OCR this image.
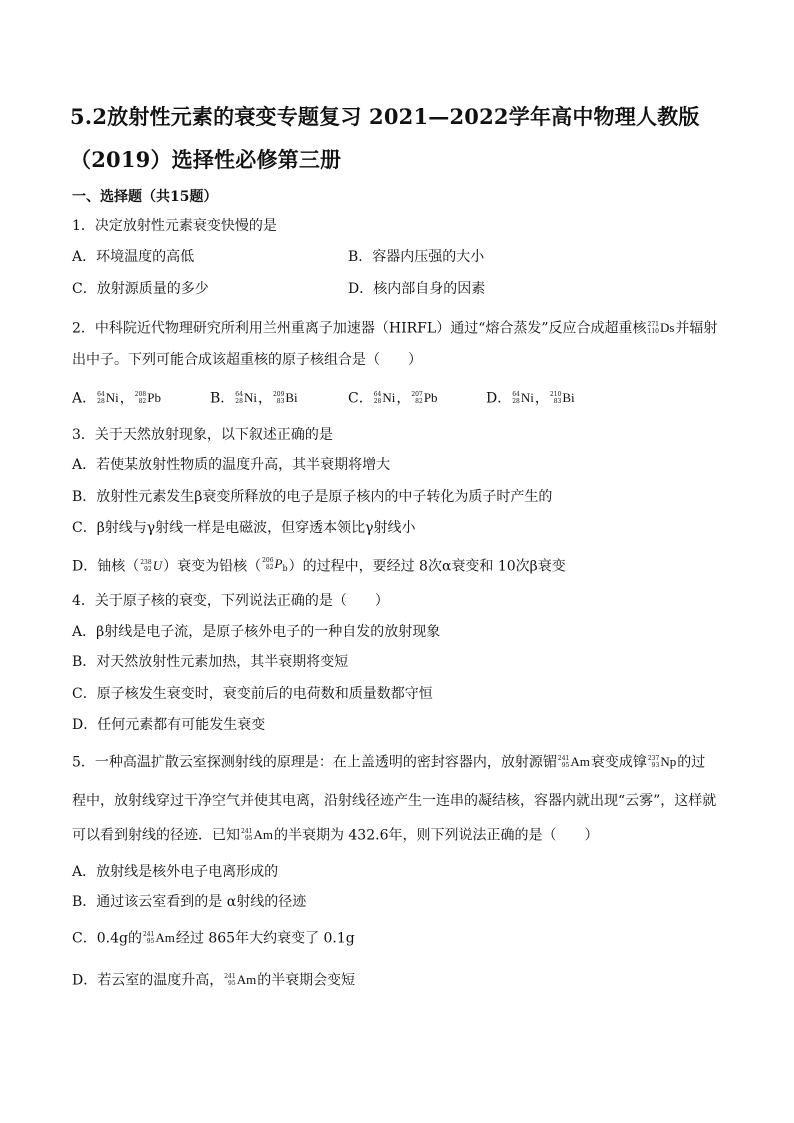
5.2放射性元素的衰变专题复习 2021—2022学年高中物理人教版
（2019）选择性必修第三册
一、选择题（共15题）
1．决定放射性元素衰变快慢的是
A．环境温度的高低	B．容器内压强的大小
C．放射源质量的多少	D．核内部自身的因素
2．中科院近代物理研究所利用兰州重离子加速器（HIRFL）通过“熔合蒸发”反应合成超重核 271
110 Ds并辐射
出中子。下列可能合成该超重核的原子核组合是（　　）
A． 64
28 Ni， 208
82 Pb	B． 64
28 Ni， 209
83 Bi	C． 64
28 Ni， 207
82 Pb	D． 64
28 Ni， 210
83 Bi
3．关于天然放射现象，以下叙述正确的是
A．若使某放射性物质的温度升高，其半衰期将增大
B．放射性元素发生β衰变所释放的电子是原子核内的中子转化为质子时产生的
C．β射线与γ射线一样是电磁波，但穿透本领比γ射线小
D．铀核（ 238
92 U）衰变为铅核（ 206
82 $P_b$）的过程中，要经过 8次α衰变和 10次β衰变
4．关于原子核的衰变，下列说法正确的是（　　）
A．β射线是电子流，是原子核外电子的一种自发的放射现象
B．对天然放射性元素加热，其半衰期将变短
C．原子核发生衰变时，衰变前后的电荷数和质量数都守恒
D．任何元素都有可能发生衰变
5．一种高温扩散云室探测射线的原理是：在上盖透明的密封容器内，放射源镅 241
95 Am衰变成镎 237
93 Np的过
程中，放射线穿过干净空气并使其电离，沿射线径迹产生一连串的凝结核，容器内就出现“云雾”，这样就
可以看到射线的径迹．已知 241
95 Am的半衰期为 432.6年，则下列说法正确的是（　　）
A．放射线是核外电子电离形成的
B．通过该云室看到的是 α射线的径迹
C．0.4g的 241
95 Am经过 865年大约衰变了 0.1g
D．若云室的温度升高， 241
95 Am的半衰期会变短
